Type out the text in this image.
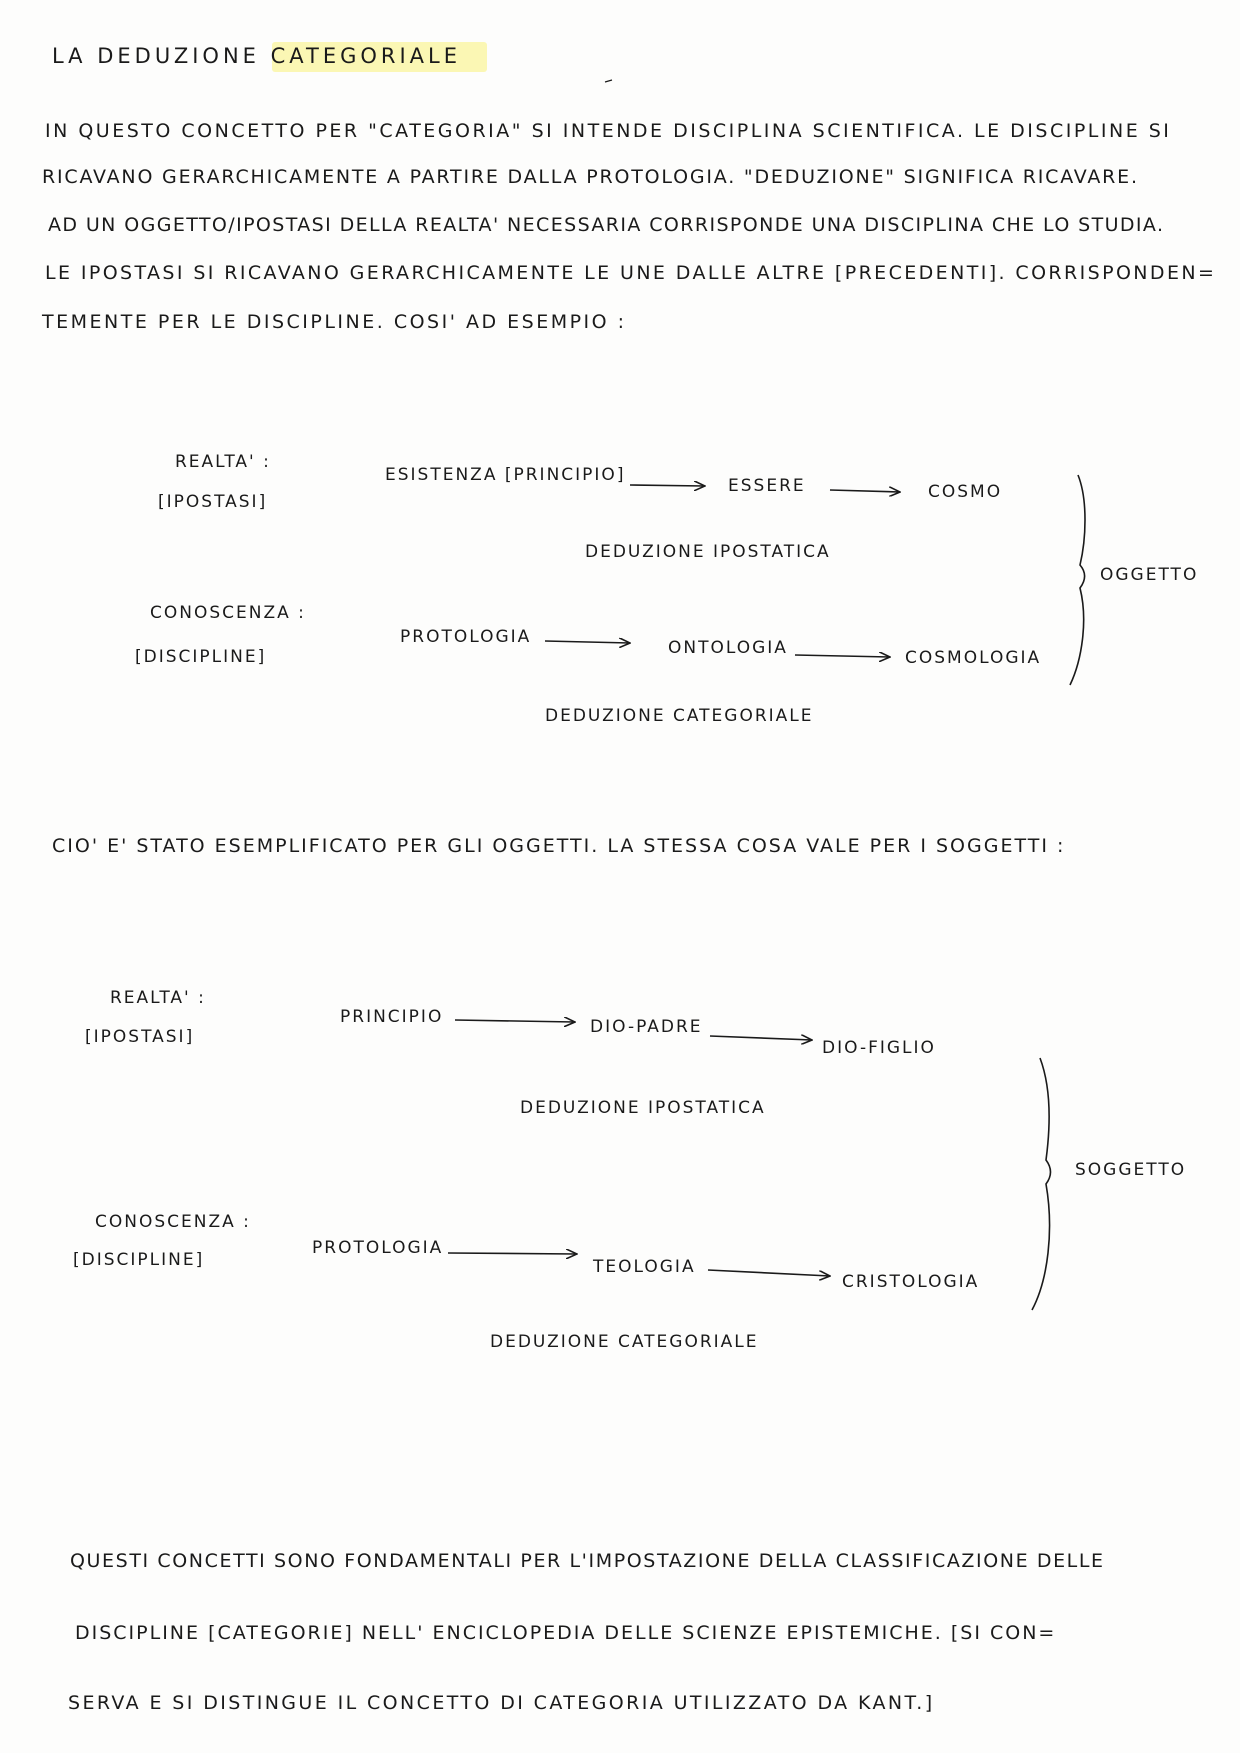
LA DEDUZIONE CATEGORIALE
IN QUESTO CONCETTO PER "CATEGORIA" SI INTENDE DISCIPLINA SCIENTIFICA. LE DISCIPLINE SI
RICAVANO GERARCHICAMENTE A PARTIRE DALLA PROTOLOGIA. "DEDUZIONE" SIGNIFICA RICAVARE.
AD UN OGGETTO/IPOSTASI DELLA REALTA' NECESSARIA CORRISPONDE UNA DISCIPLINA CHE LO STUDIA.
LE IPOSTASI SI RICAVANO GERARCHICAMENTE LE UNE DALLE ALTRE [PRECEDENTI]. CORRISPONDEN=
TEMENTE PER LE DISCIPLINE. COSI' AD ESEMPIO :
REALTA' :
[IPOSTASI]
ESISTENZA [PRINCIPIO]
ESSERE	COSMO
DEDUZIONE IPOSTATICA
CONOSCENZA :
[DISCIPLINE]
PROTOLOGIA
ONTOLOGIA	COSMOLOGIA
DEDUZIONE CATEGORIALE
OGGETTO
CIO' E' STATO ESEMPLIFICATO PER GLI OGGETTI. LA STESSA COSA VALE PER I SOGGETTI :
REALTA' :
[IPOSTASI]
PRINCIPIO	DIO-PADRE
DIO-FIGLIO
DEDUZIONE IPOSTATICA
CONOSCENZA :
[DISCIPLINE]
PROTOLOGIA
TEOLOGIA
CRISTOLOGIA
DEDUZIONE CATEGORIALE
SOGGETTO
QUESTI CONCETTI SONO FONDAMENTALI PER L'IMPOSTAZIONE DELLA CLASSIFICAZIONE DELLE
DISCIPLINE [CATEGORIE] NELL' ENCICLOPEDIA DELLE SCIENZE EPISTEMICHE. [SI CON=
SERVA E SI DISTINGUE IL CONCETTO DI CATEGORIA UTILIZZATO DA KANT.]
